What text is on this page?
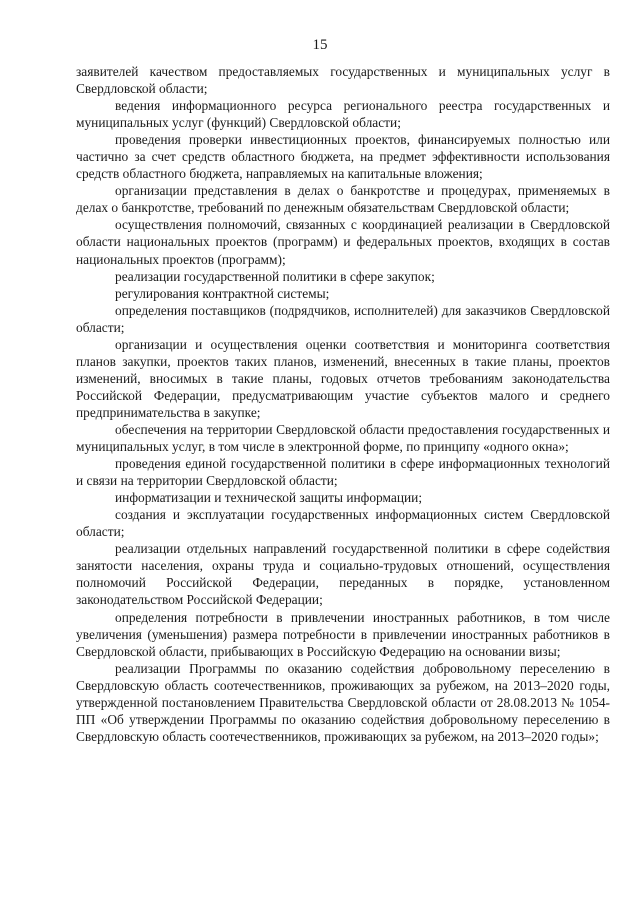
15

заявителей качеством предоставляемых государственных и муниципальных услуг в Свердловской области;

ведения информационного ресурса регионального реестра государственных и муниципальных услуг (функций) Свердловской области;

проведения проверки инвестиционных проектов, финансируемых полностью или частично за счет средств областного бюджета, на предмет эффективности использования средств областного бюджета, направляемых на капитальные вложения;

организации представления в делах о банкротстве и процедурах, применяемых в делах о банкротстве, требований по денежным обязательствам Свердловской области;

осуществления полномочий, связанных с координацией реализации в Свердловской области национальных проектов (программ) и федеральных проектов, входящих в состав национальных проектов (программ);

реализации государственной политики в сфере закупок;

регулирования контрактной системы;

определения поставщиков (подрядчиков, исполнителей) для заказчиков Свердловской области;

организации и осуществления оценки соответствия и мониторинга соответствия планов закупки, проектов таких планов, изменений, внесенных в такие планы, проектов изменений, вносимых в такие планы, годовых отчетов требованиям законодательства Российской Федерации, предусматривающим участие субъектов малого и среднего предпринимательства в закупке;

обеспечения на территории Свердловской области предоставления государственных и муниципальных услуг, в том числе в электронной форме, по принципу «одного окна»;

проведения единой государственной политики в сфере информационных технологий и связи на территории Свердловской области;

информатизации и технической защиты информации;

создания и эксплуатации государственных информационных систем Свердловской области;

реализации отдельных направлений государственной политики в сфере содействия занятости населения, охраны труда и социально-трудовых отношений, осуществления полномочий Российской Федерации, переданных в порядке, установленном законодательством Российской Федерации;

определения потребности в привлечении иностранных работников, в том числе увеличения (уменьшения) размера потребности в привлечении иностранных работников в Свердловской области, прибывающих в Российскую Федерацию на основании визы;

реализации Программы по оказанию содействия добровольному переселению в Свердловскую область соотечественников, проживающих за рубежом, на 2013–2020 годы, утвержденной постановлением Правительства Свердловской области от 28.08.2013 № 1054-ПП «Об утверждении Программы по оказанию содействия добровольному переселению в Свердловскую область соотечественников, проживающих за рубежом, на 2013–2020 годы»;
